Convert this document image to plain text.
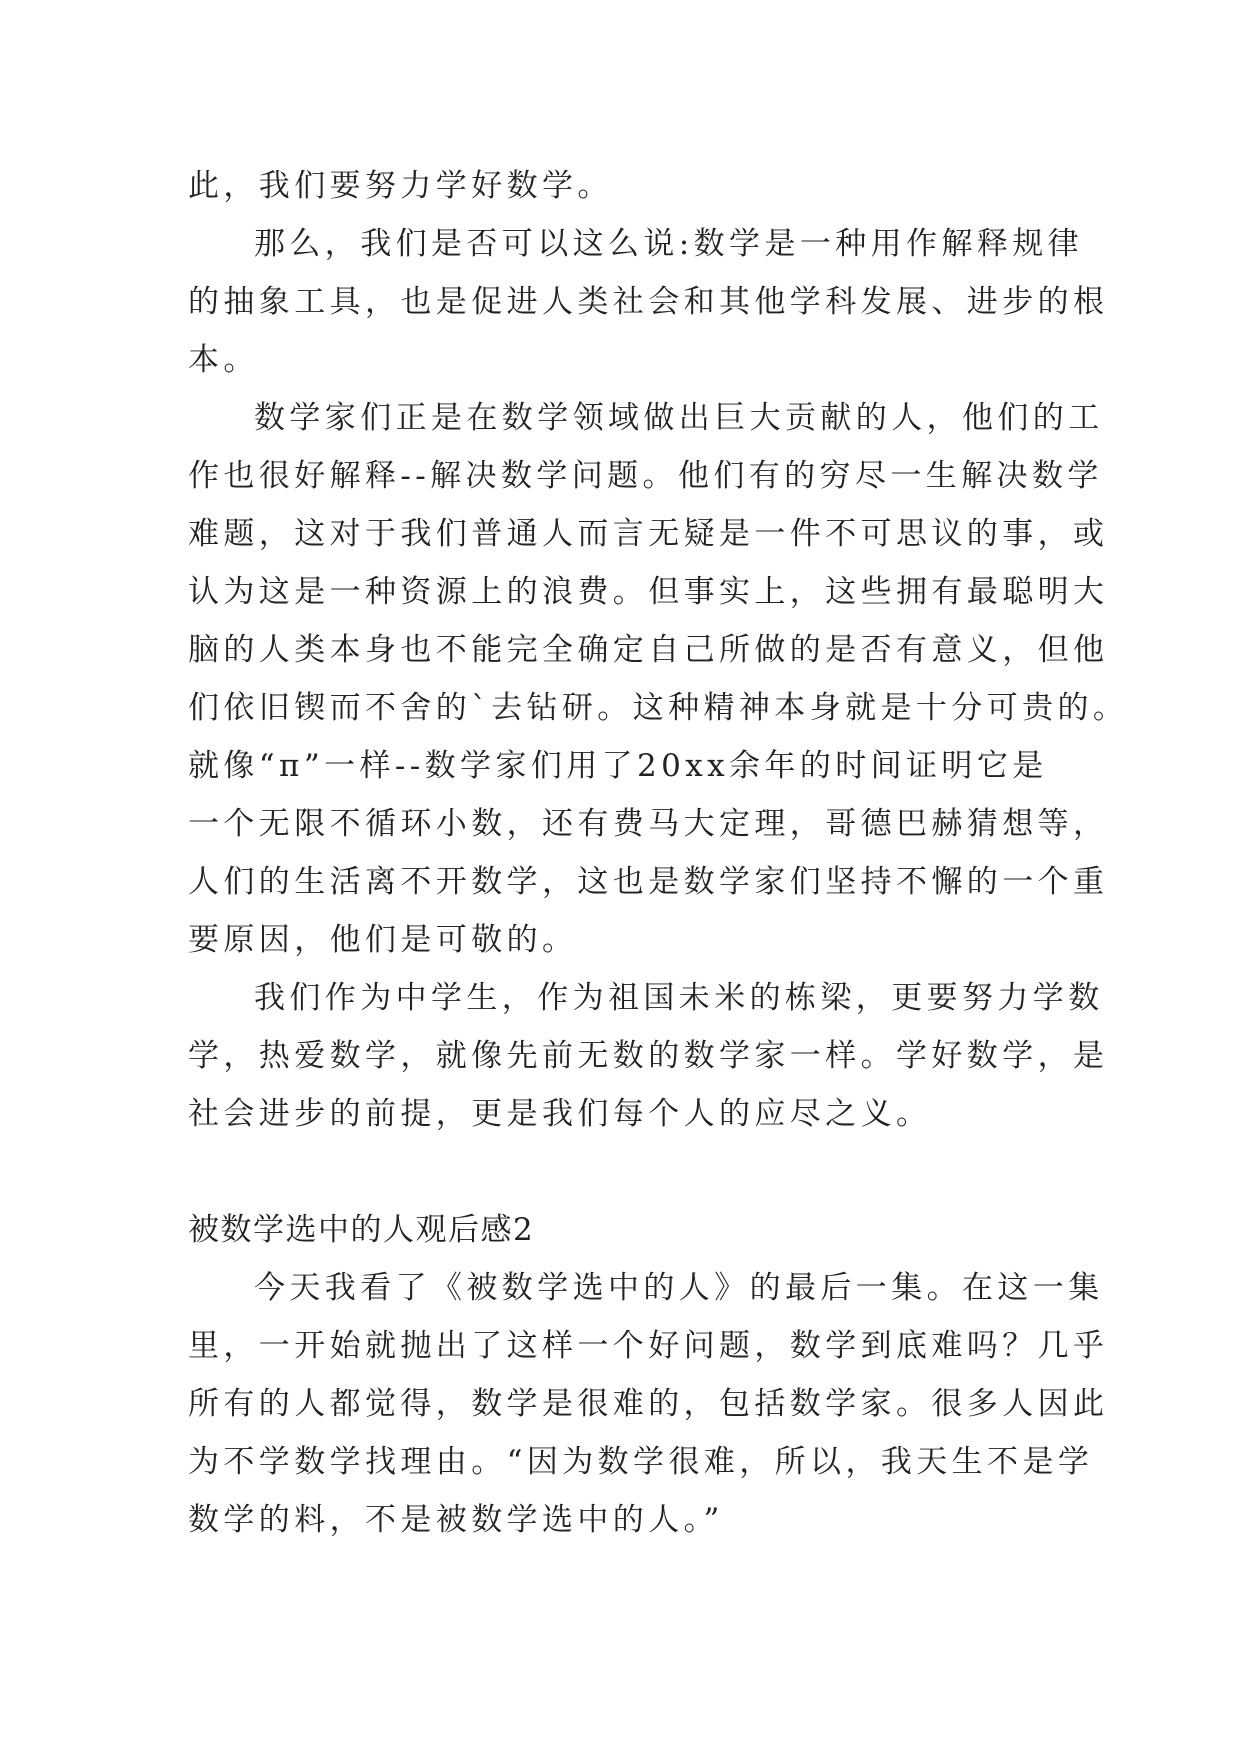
此，我们要努力学好数学。
那么，我们是否可以这么说:数学是一种用作解释规律
的抽象工具，也是促进人类社会和其他学科发展、进步的根
本。
数学家们正是在数学领域做出巨大贡献的人，他们的工
作也很好解释--解决数学问题。他们有的穷尽一生解决数学
难题，这对于我们普通人而言无疑是一件不可思议的事，或
认为这是一种资源上的浪费。但事实上，这些拥有最聪明大
脑的人类本身也不能完全确定自己所做的是否有意义，但他
们依旧锲而不舍的`去钻研。这种精神本身就是十分可贵的。
就像“π”一样--数学家们用了20xx余年的时间证明它是
一个无限不循环小数，还有费马大定理，哥德巴赫猜想等，
人们的生活离不开数学，这也是数学家们坚持不懈的一个重
要原因，他们是可敬的。
我们作为中学生，作为祖国未米的栋梁，更要努力学数
学，热爱数学，就像先前无数的数学家一样。学好数学，是
社会进步的前提，更是我们每个人的应尽之义。
被数学选中的人观后感2
今天我看了《被数学选中的人》的最后一集。在这一集
里，一开始就抛出了这样一个好问题，数学到底难吗？几乎
所有的人都觉得，数学是很难的，包括数学家。很多人因此
为不学数学找理由。“因为数学很难，所以，我天生不是学
数学的料，不是被数学选中的人。”
